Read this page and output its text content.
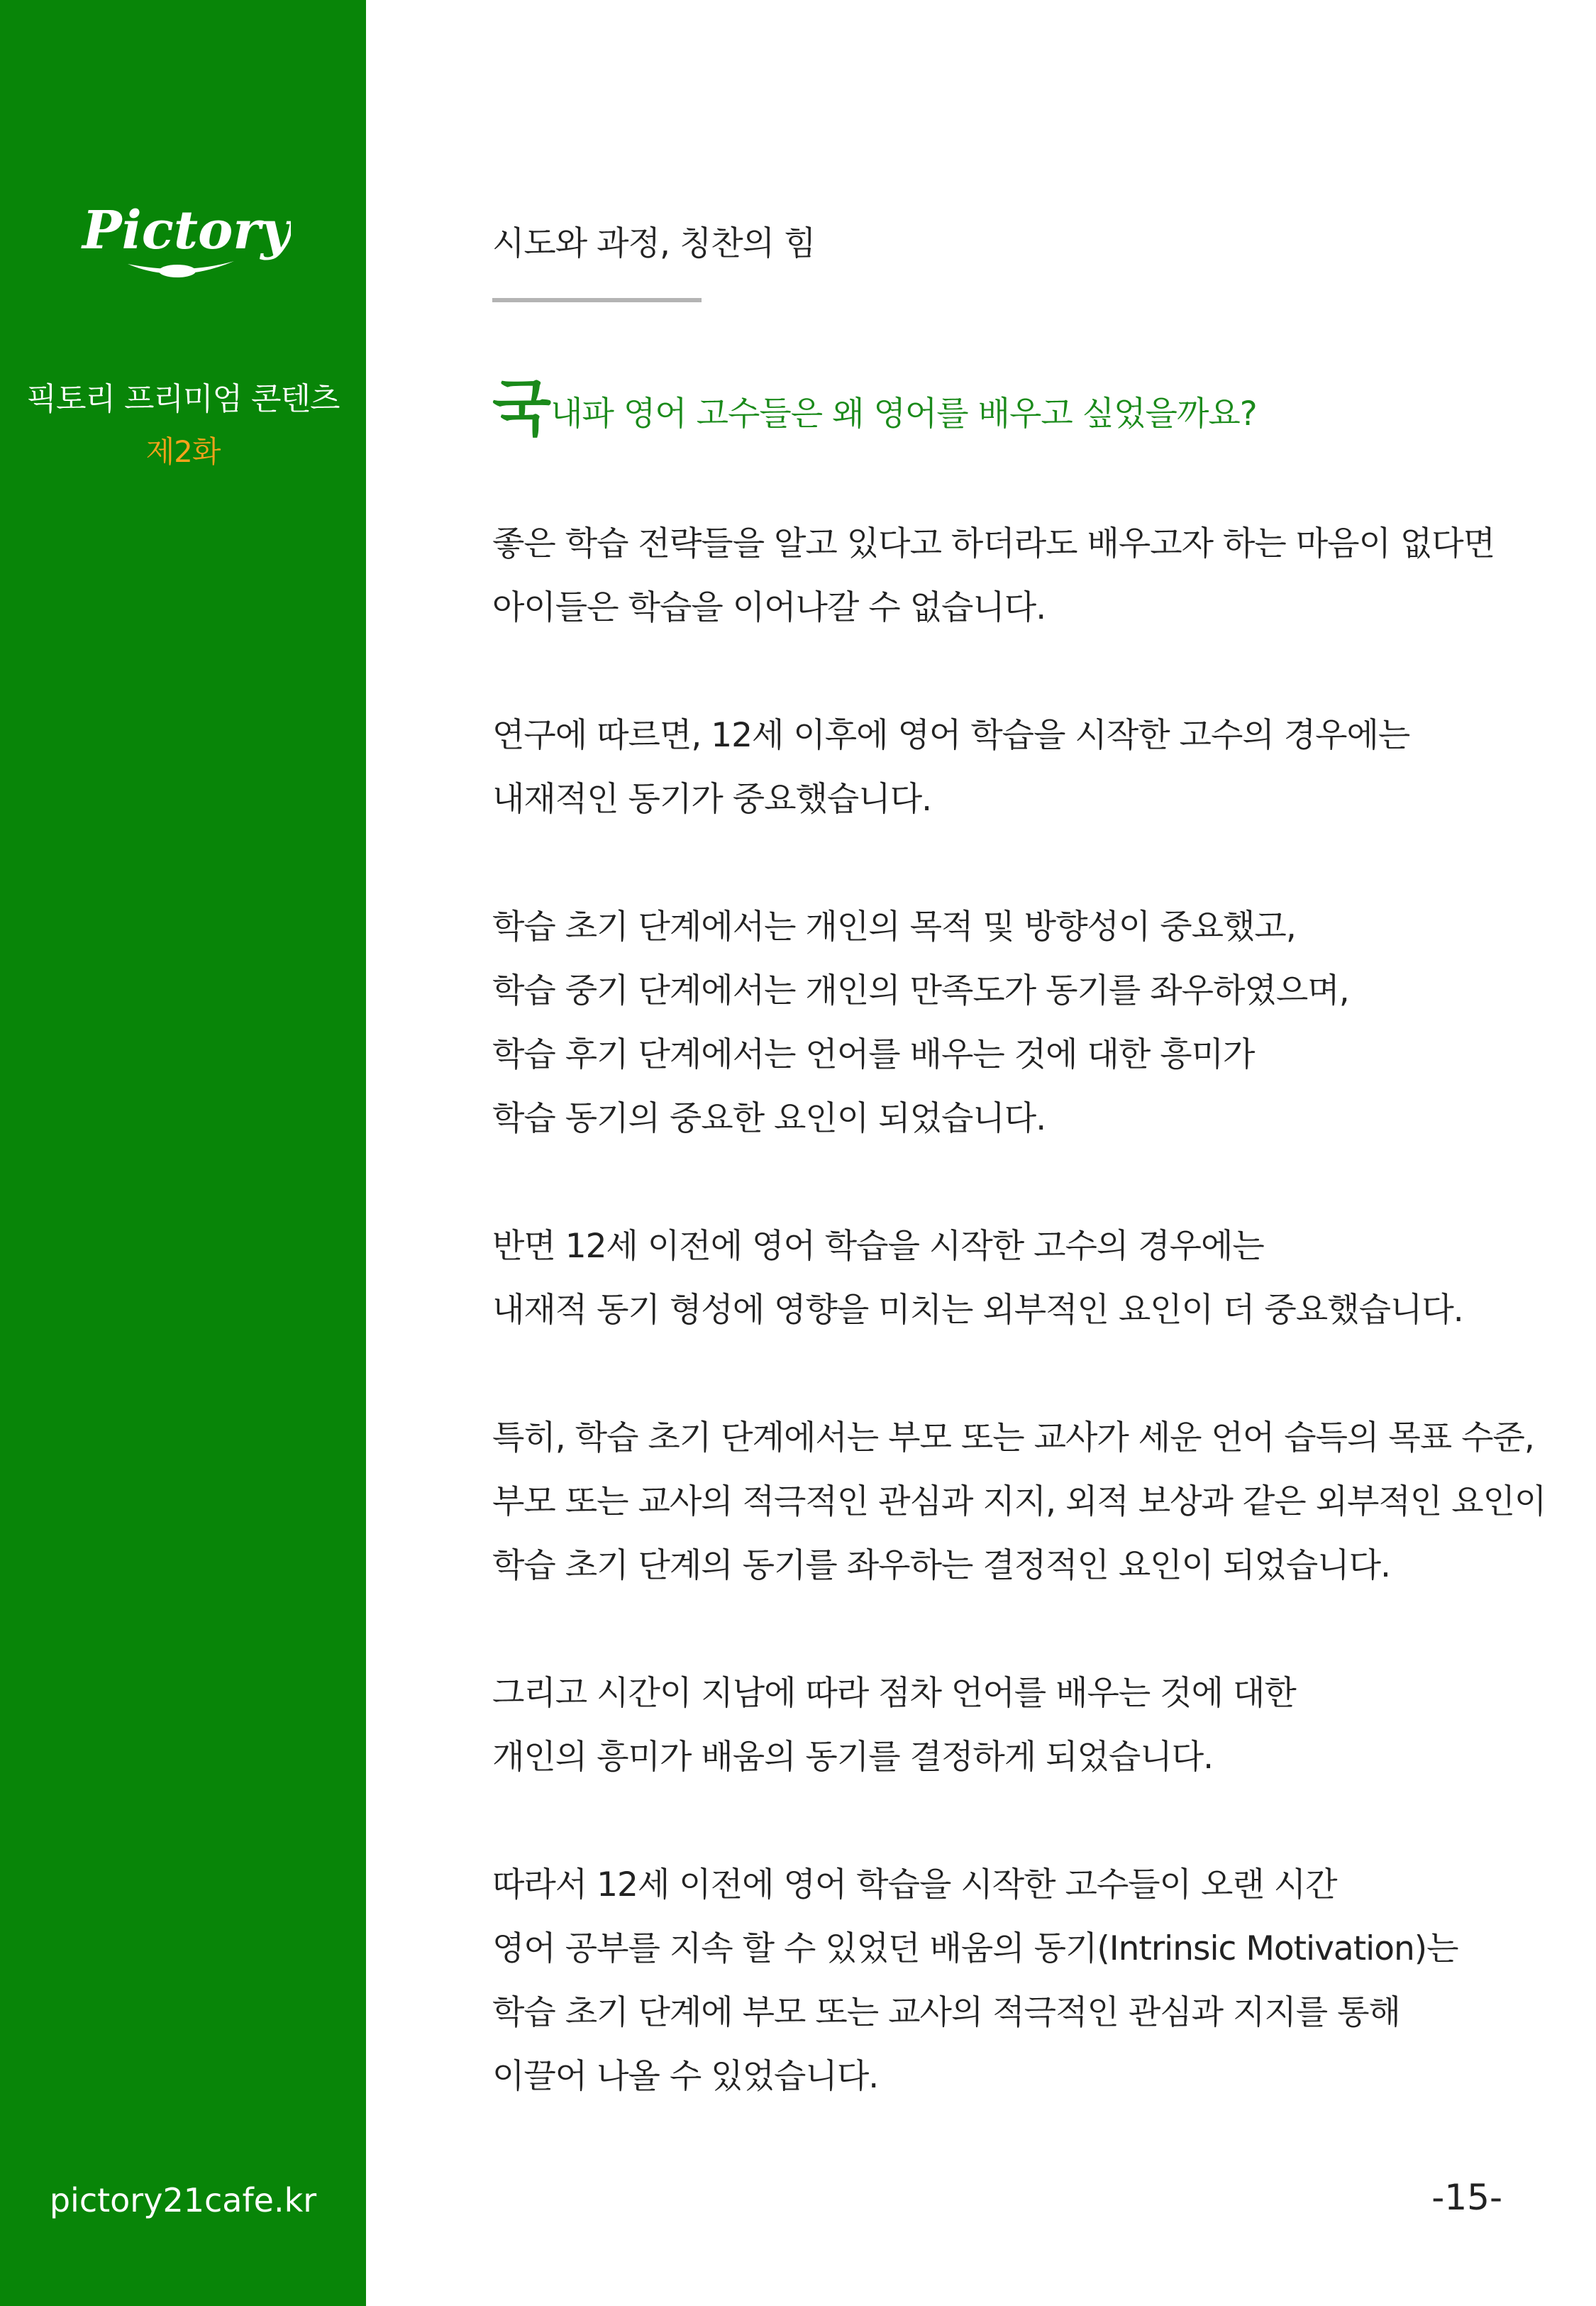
Pictory
픽토리 프리미엄 콘텐츠
제2화
pictory21cafe.kr
시도와 과정, 칭찬의 힘
국내파 영어 고수들은 왜 영어를 배우고 싶었을까요?
좋은 학습 전략들을 알고 있다고 하더라도 배우고자 하는 마음이 없다면
아이들은 학습을 이어나갈 수 없습니다.
연구에 따르면, 12세 이후에 영어 학습을 시작한 고수의 경우에는
내재적인 동기가 중요했습니다.
학습 초기 단계에서는 개인의 목적 및 방향성이 중요했고,
학습 중기 단계에서는 개인의 만족도가 동기를 좌우하였으며,
학습 후기 단계에서는 언어를 배우는 것에 대한 흥미가
학습 동기의 중요한 요인이 되었습니다.
반면 12세 이전에 영어 학습을 시작한 고수의 경우에는
내재적 동기 형성에 영향을 미치는 외부적인 요인이 더 중요했습니다.
특히, 학습 초기 단계에서는 부모 또는 교사가 세운 언어 습득의 목표 수준,
부모 또는 교사의 적극적인 관심과 지지, 외적 보상과 같은 외부적인 요인이
학습 초기 단계의 동기를 좌우하는 결정적인 요인이 되었습니다.
그리고 시간이 지남에 따라 점차 언어를 배우는 것에 대한
개인의 흥미가 배움의 동기를 결정하게 되었습니다.
따라서 12세 이전에 영어 학습을 시작한 고수들이 오랜 시간
영어 공부를 지속 할 수 있었던 배움의 동기(Intrinsic Motivation)는
학습 초기 단계에 부모 또는 교사의 적극적인 관심과 지지를 통해
이끌어 나올 수 있었습니다.
-15-
